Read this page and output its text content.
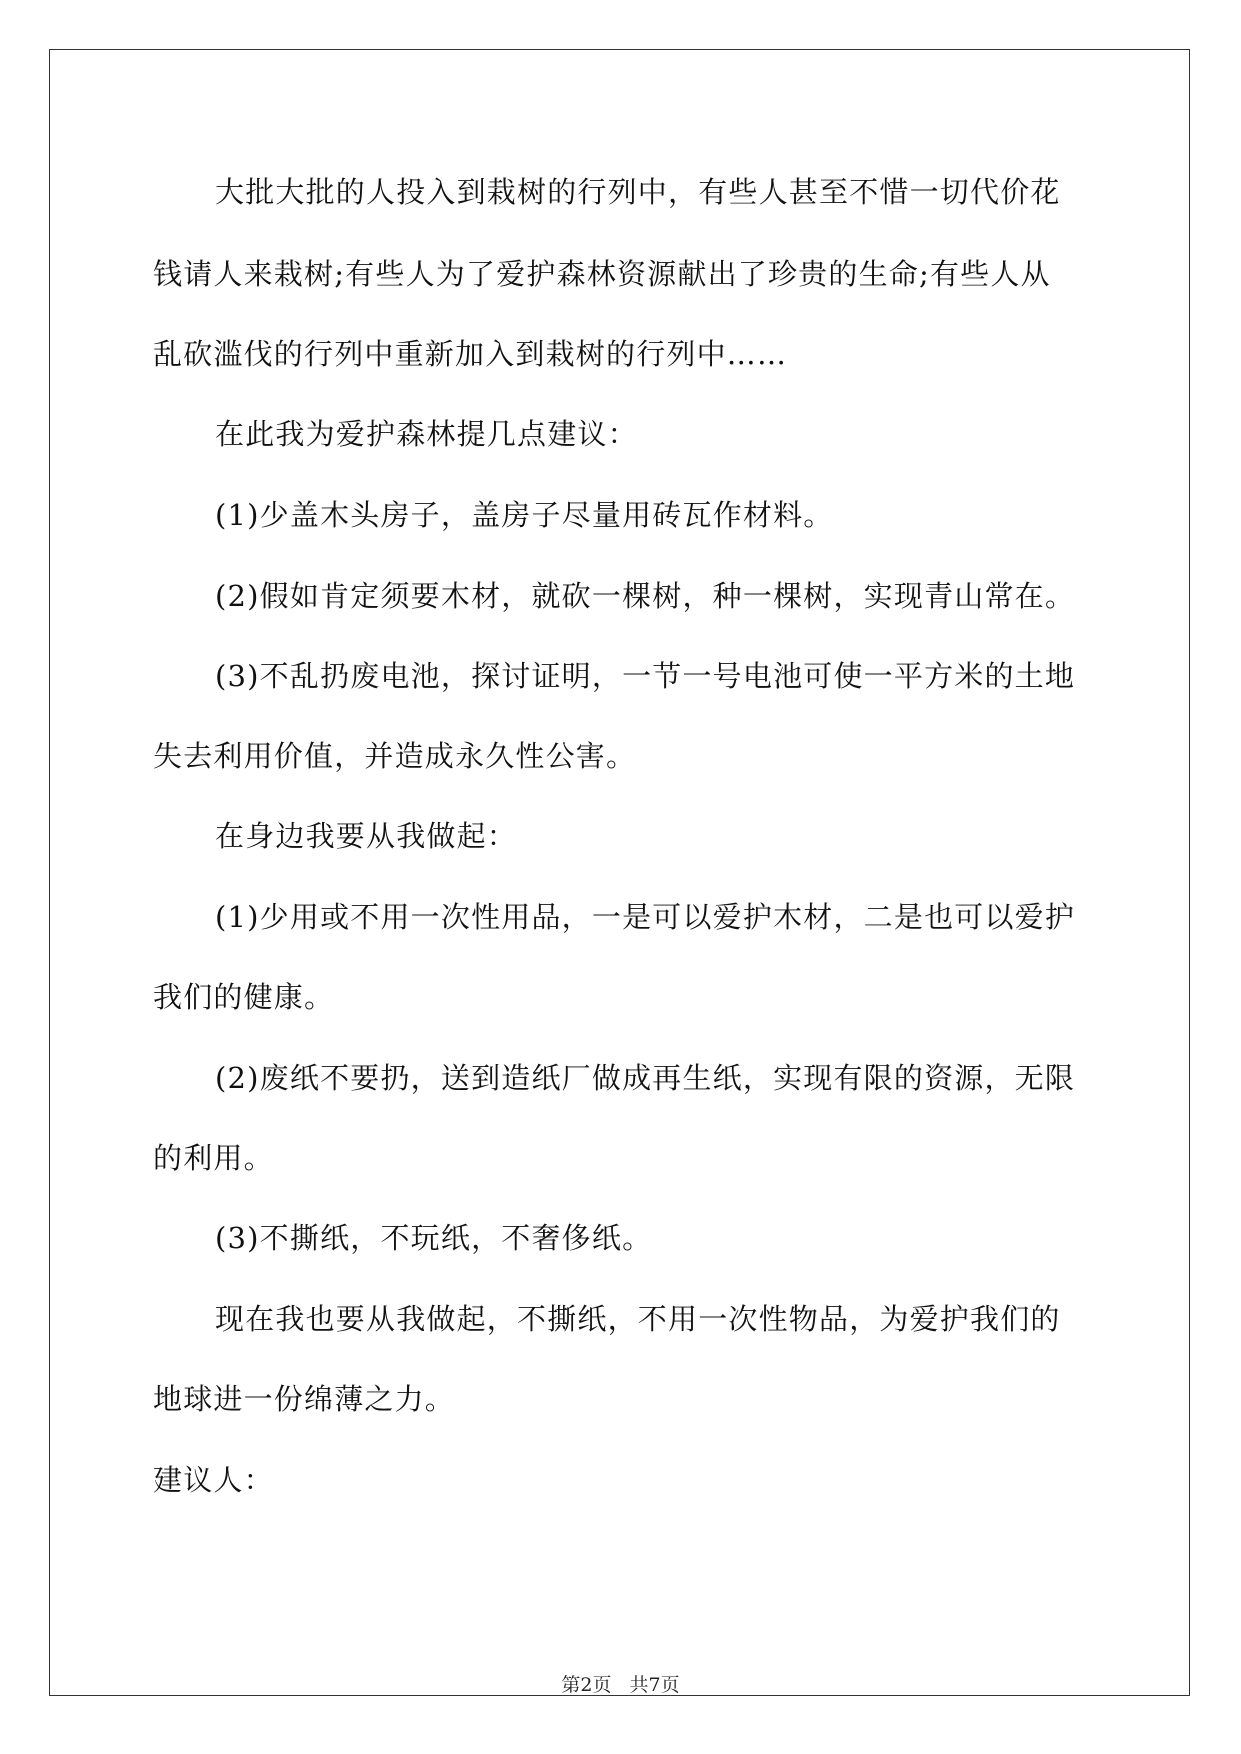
大批大批的人投入到栽树的行列中，有些人甚至不惜一切代价花

钱请人来栽树;有些人为了爱护森林资源献出了珍贵的生命;有些人从

乱砍滥伐的行列中重新加入到栽树的行列中……

在此我为爱护森林提几点建议：

(1)少盖木头房子，盖房子尽量用砖瓦作材料。

(2)假如肯定须要木材，就砍一棵树，种一棵树，实现青山常在。

(3)不乱扔废电池，探讨证明，一节一号电池可使一平方米的土地

失去利用价值，并造成永久性公害。

在身边我要从我做起：

(1)少用或不用一次性用品，一是可以爱护木材，二是也可以爱护

我们的健康。

(2)废纸不要扔，送到造纸厂做成再生纸，实现有限的资源，无限

的利用。

(3)不撕纸，不玩纸，不奢侈纸。

现在我也要从我做起，不撕纸，不用一次性物品，为爱护我们的

地球进一份绵薄之力。

建议人：

第2页 共7页
